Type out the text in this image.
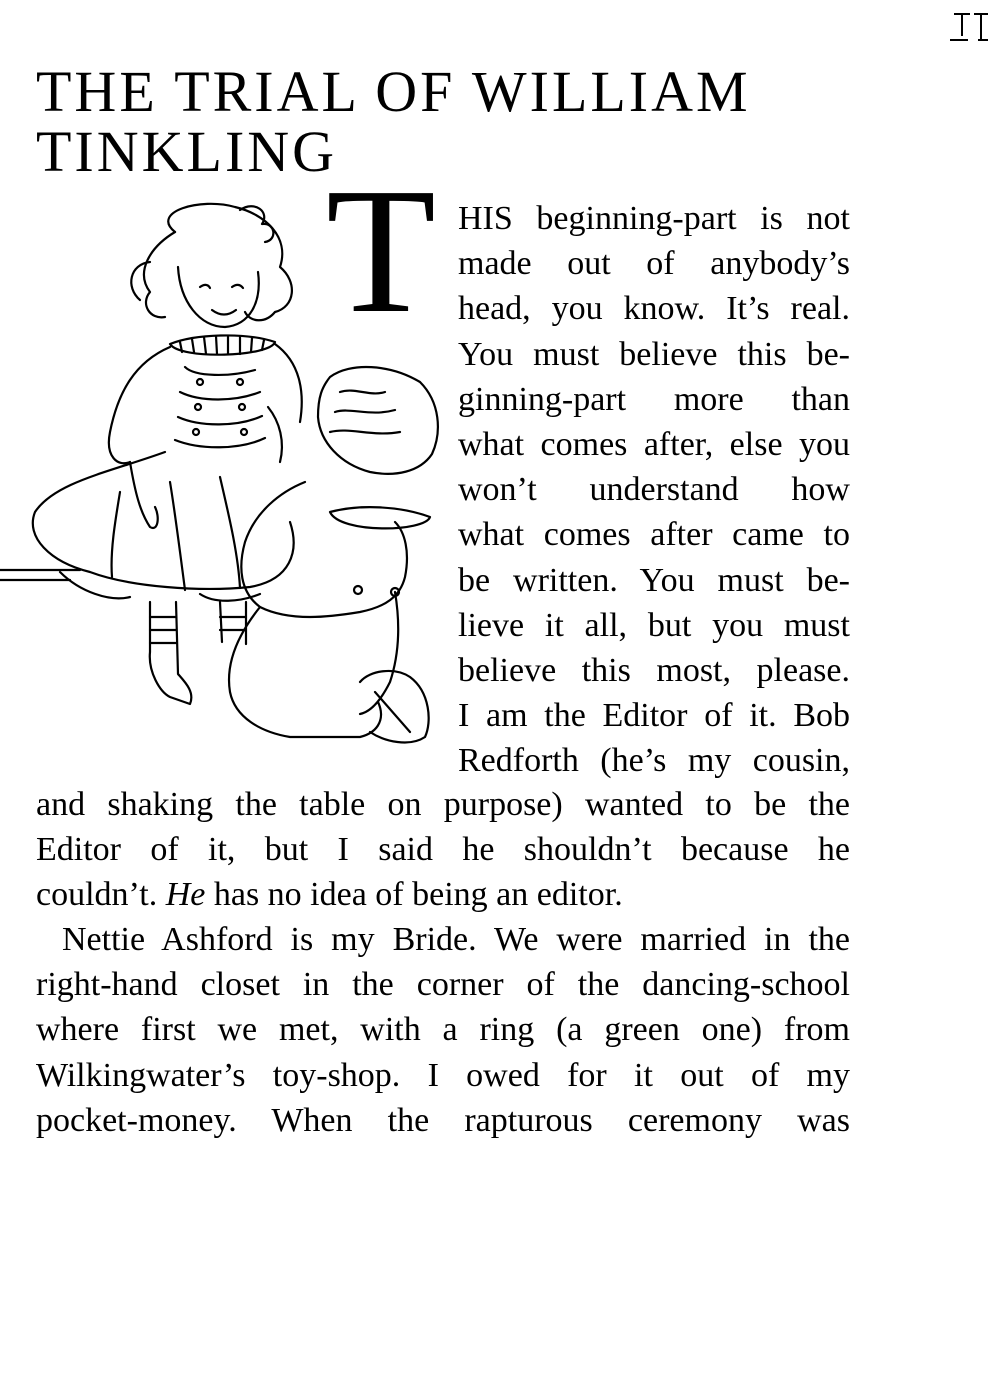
THE TRIAL OF WILLIAM
TINKLING
T HIS beginning-part is not
made out of anybody’s
head, you know. It’s real.
You must believe this be-
ginning-part more than
what comes after, else you
won’t understand how
what comes after came to
be written. You must be-
lieve it all, but you must
believe this most, please.
I am the Editor of it. Bob
Redforth (he’s my cousin,
and shaking the table on purpose) wanted to be the
Editor of it, but I said he shouldn’t because he
couldn’t. He has no idea of being an editor.
Nettie Ashford is my Bride. We were married in the
right-hand closet in the corner of the dancing-school
where first we met, with a ring (a green one) from
Wilkingwater’s toy-shop. I owed for it out of my
pocket-money. When the rapturous ceremony was
